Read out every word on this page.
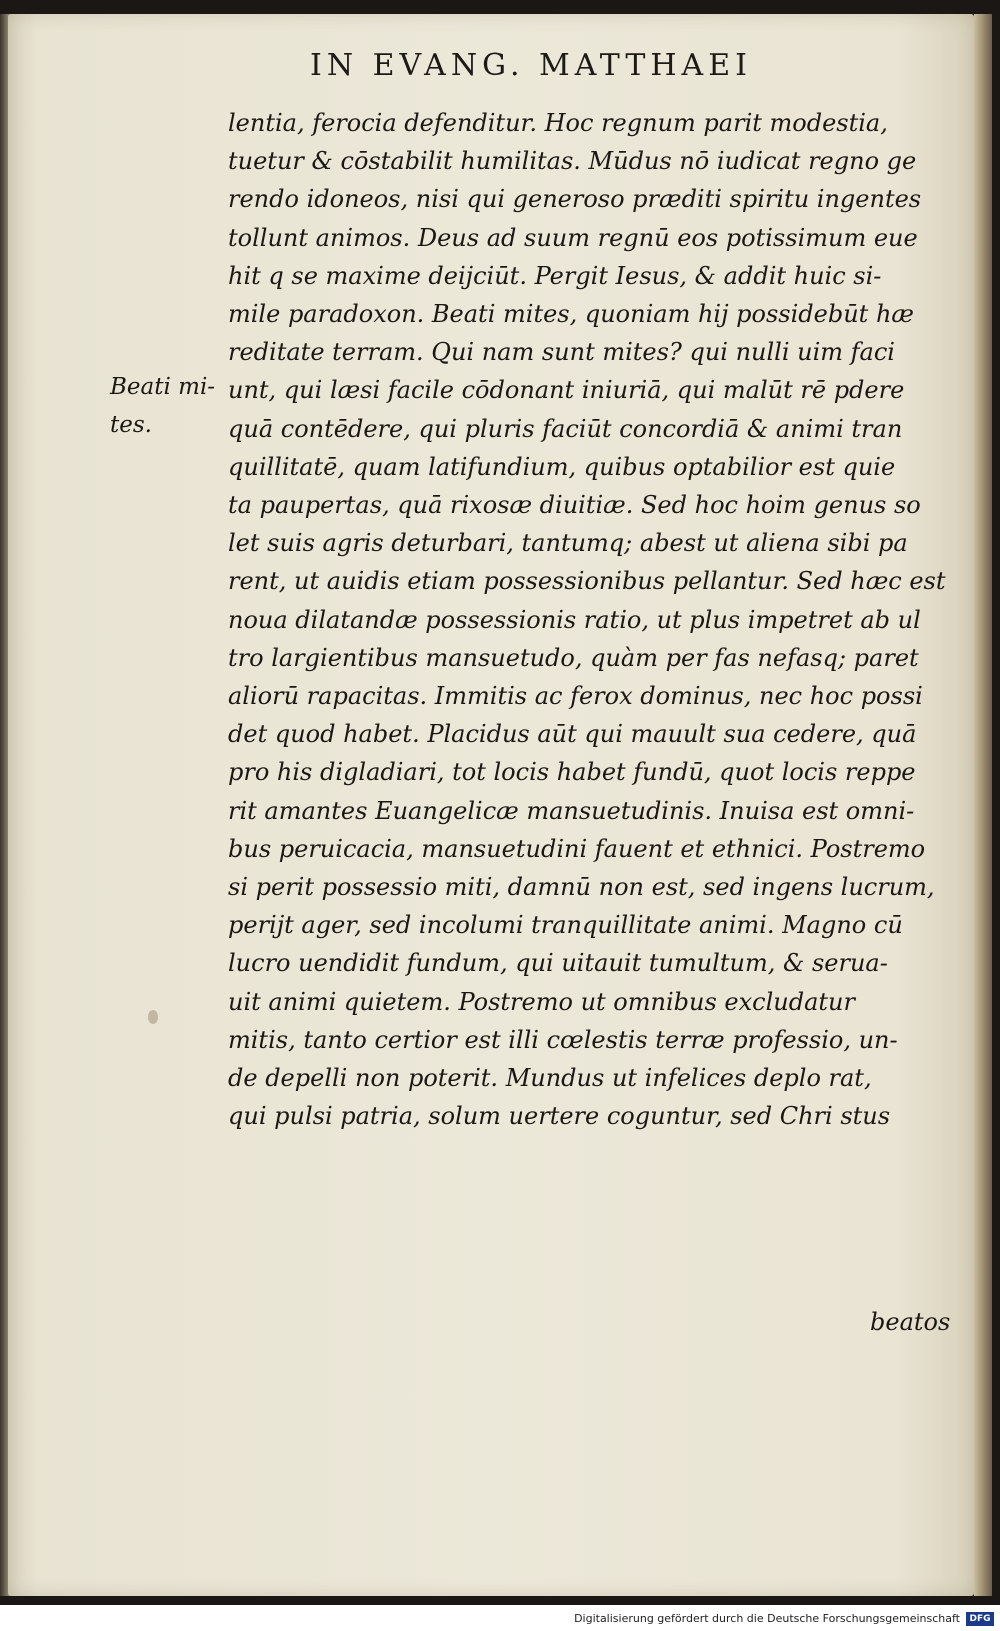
IN EVANG. MATTHAEI
Beati mi-
tes.
lentia, ferocia defenditur. Hoc regnum parit modestia,
tuetur & cōstabilit humilitas. Mūdus nō iudicat regno ge
rendo idoneos, nisi qui generoso præditi spiritu ingentes
tollunt animos. Deus ad suum regnū eos potissimum eue
hit q se maxime deijciūt. Pergit Iesus, & addit huic si-
mile paradoxon. Beati mites, quoniam hij possidebūt hæ
reditate terram. Qui nam sunt mites? qui nulli uim faci
unt, qui læsi facile cōdonant iniuriā, qui malūt rē pdere
quā contēdere, qui pluris faciūt concordiā & animi tran
quillitatē, quam latifundium, quibus optabilior est quie
ta paupertas, quā rixosæ diuitiæ. Sed hoc hoim genus so
let suis agris deturbari, tantumq; abest ut aliena sibi pa
rent, ut auidis etiam possessionibus pellantur. Sed hæc est
noua dilatandæ possessionis ratio, ut plus impetret ab ul
tro largientibus mansuetudo, quàm per fas nefasq; paret
aliorū rapacitas. Immitis ac ferox dominus, nec hoc possi
det quod habet. Placidus aūt qui mauult sua cedere, quā
pro his digladiari, tot locis habet fundū, quot locis reppe
rit amantes Euangelicæ mansuetudinis. Inuisa est omni-
bus peruicacia, mansuetudini fauent et ethnici. Postremo
si perit possessio miti, damnū non est, sed ingens lucrum,
perijt ager, sed incolumi tranquillitate animi. Magno cū
lucro uendidit fundum, qui uitauit tumultum, & serua-
uit animi quietem. Postremo ut omnibus excludatur
mitis, tanto certior est illi cœlestis terræ professio, un-
de depelli non poterit. Mundus ut infelices deplo rat,
qui pulsi patria, solum uertere coguntur, sed Chri stus
beatos
Digitalisierung gefördert durch die Deutsche Forschungsgemeinschaft	DFG
